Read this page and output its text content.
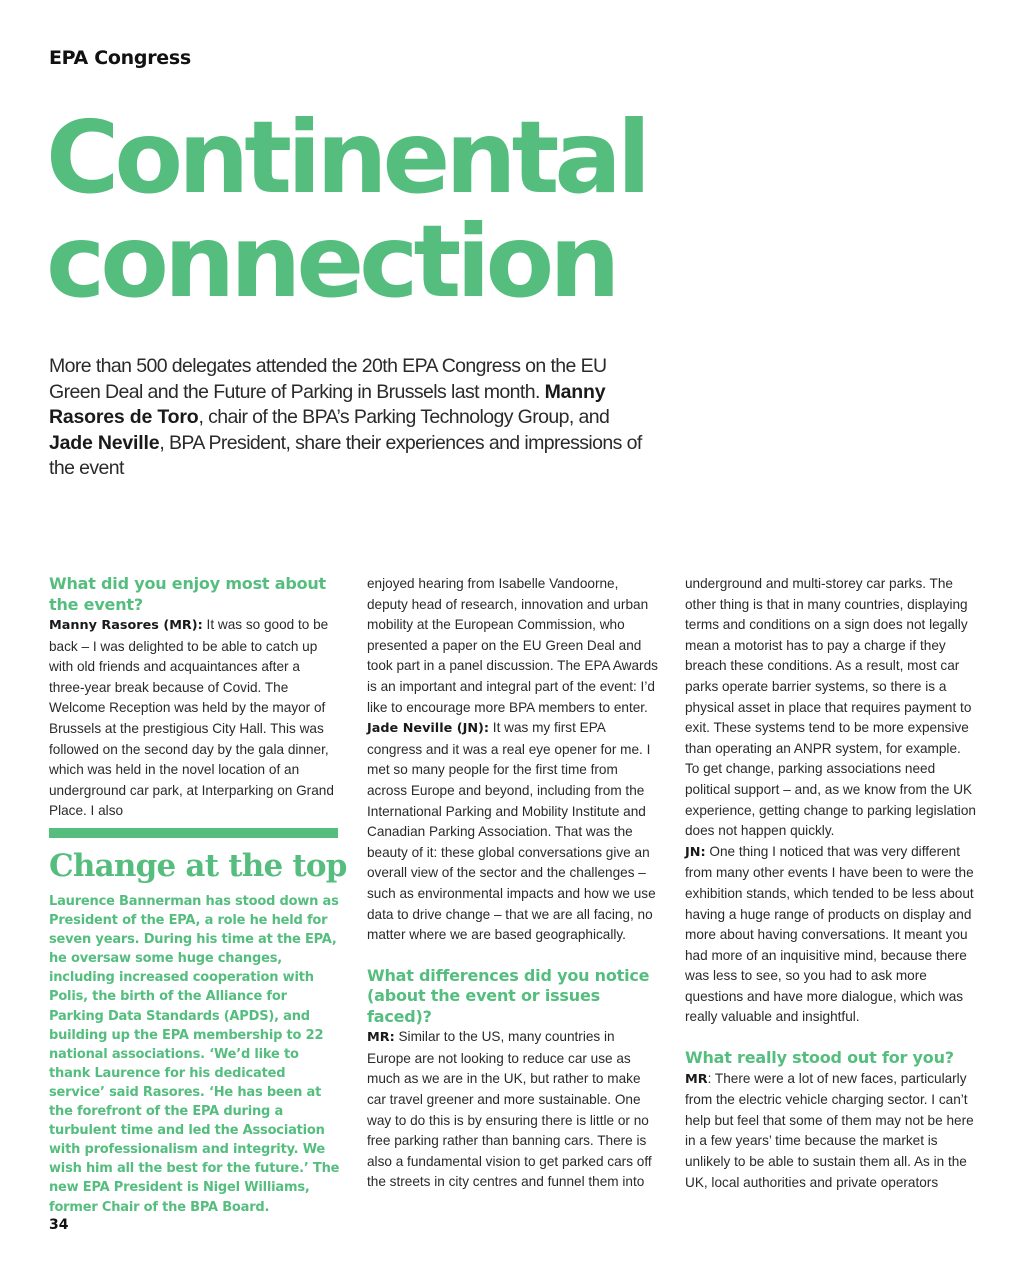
EPA Congress
Continental
connection

More than 500 delegates attended the 20th EPA Congress on the EU Green Deal and the Future of Parking in Brussels last month. Manny Rasores de Toro, chair of the BPA’s Parking Technology Group, and Jade Neville, BPA President, share their experiences and impressions of the event

What did you enjoy most about the event?

Manny Rasores (MR): It was so good to be back – I was delighted to be able to catch up with old friends and acquaintances after a three-year break because of Covid. The Welcome Reception was held by the mayor of Brussels at the prestigious City Hall. This was followed on the second day by the gala dinner, which was held in the novel location of an underground car park, at Interparking on Grand Place. I also

Change at the top

Laurence Bannerman has stood down as President of the EPA, a role he held for seven years. During his time at the EPA, he oversaw some huge changes, including increased cooperation with Polis, the birth of the Alliance for Parking Data Standards (APDS), and building up the EPA membership to 22 national associations. ‘We’d like to thank Laurence for his dedicated service’ said Rasores. ‘He has been at the forefront of the EPA during a turbulent time and led the Association with professionalism and integrity. We wish him all the best for the future.’ The new EPA President is Nigel Williams, former Chair of the BPA Board.

enjoyed hearing from Isabelle Vandoorne, deputy head of research, innovation and urban mobility at the European Commission, who presented a paper on the EU Green Deal and took part in a panel discussion. The EPA Awards is an important and integral part of the event: I’d like to encourage more BPA members to enter.

Jade Neville (JN): It was my first EPA congress and it was a real eye opener for me. I met so many people for the first time from across Europe and beyond, including from the International Parking and Mobility Institute and Canadian Parking Association. That was the beauty of it: these global conversations give an overall view of the sector and the challenges – such as environmental impacts and how we use data to drive change – that we are all facing, no matter where we are based geographically.

What differences did you notice (about the event or issues faced)?

MR: Similar to the US, many countries in Europe are not looking to reduce car use as much as we are in the UK, but rather to make car travel greener and more sustainable. One way to do this is by ensuring there is little or no free parking rather than banning cars. There is also a fundamental vision to get parked cars off the streets in city centres and funnel them into

underground and multi-storey car parks. The other thing is that in many countries, displaying terms and conditions on a sign does not legally mean a motorist has to pay a charge if they breach these conditions. As a result, most car parks operate barrier systems, so there is a physical asset in place that requires payment to exit. These systems tend to be more expensive than operating an ANPR system, for example. To get change, parking associations need political support – and, as we know from the UK experience, getting change to parking legislation does not happen quickly.

JN: One thing I noticed that was very different from many other events I have been to were the exhibition stands, which tended to be less about having a huge range of products on display and more about having conversations. It meant you had more of an inquisitive mind, because there was less to see, so you had to ask more questions and have more dialogue, which was really valuable and insightful.

What really stood out for you?

MR: There were a lot of new faces, particularly from the electric vehicle charging sector. I can’t help but feel that some of them may not be here in a few years’ time because the market is unlikely to be able to sustain them all. As in the UK, local authorities and private operators

34
